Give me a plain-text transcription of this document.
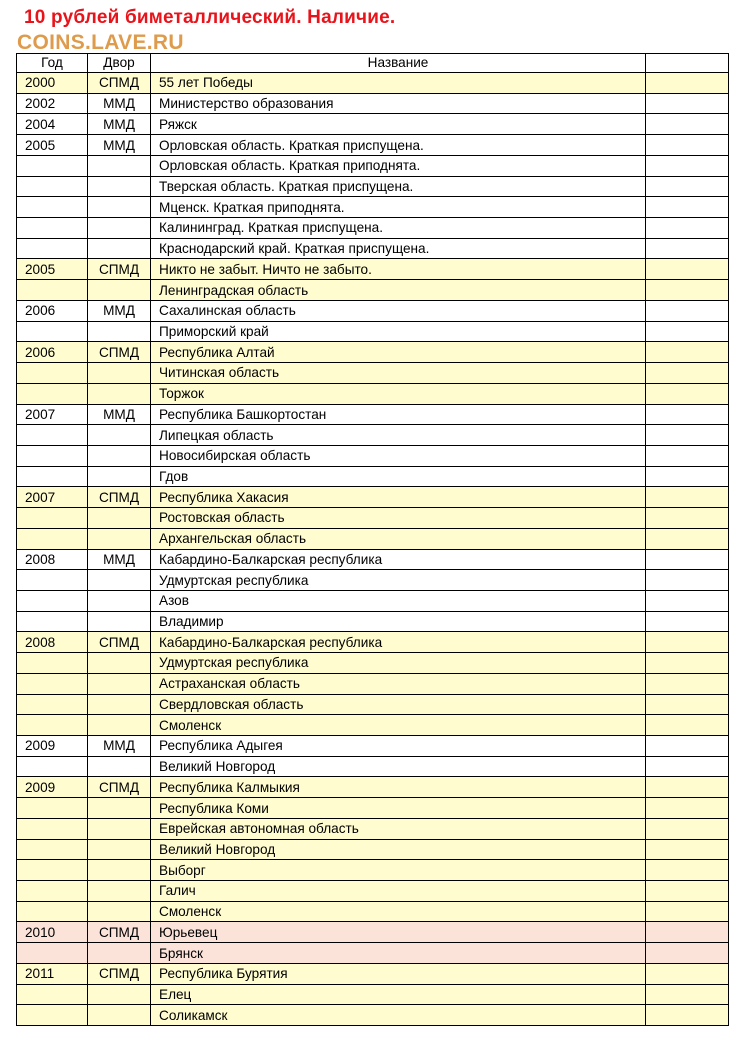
10 рублей биметаллический. Наличие.
COINS.LAVE.RU
Год	Двор	Название	
2000	СПМД	55 лет Победы	
2002	ММД	Министерство образования	
2004	ММД	Ряжск	
2005	ММД	Орловская область. Краткая приспущена.	
		Орловская область. Краткая приподнята.	
		Тверская область. Краткая приспущена.	
		Мценск. Краткая приподнята.	
		Калининград. Краткая приспущена.	
		Краснодарский край. Краткая приспущена.	
2005	СПМД	Никто не забыт. Ничто не забыто.	
		Ленинградская область	
2006	ММД	Сахалинская область	
		Приморский край	
2006	СПМД	Республика Алтай	
		Читинская область	
		Торжок	
2007	ММД	Республика Башкортостан	
		Липецкая область	
		Новосибирская область	
		Гдов	
2007	СПМД	Республика Хакасия	
		Ростовская область	
		Архангельская область	
2008	ММД	Кабардино-Балкарская республика	
		Удмуртская республика	
		Азов	
		Владимир	
2008	СПМД	Кабардино-Балкарская республика	
		Удмуртская республика	
		Астраханская область	
		Свердловская область	
		Смоленск	
2009	ММД	Республика Адыгея	
		Великий Новгород	
2009	СПМД	Республика Калмыкия	
		Республика Коми	
		Еврейская автономная область	
		Великий Новгород	
		Выборг	
		Галич	
		Смоленск	
2010	СПМД	Юрьевец	
		Брянск	
2011	СПМД	Республика Бурятия	
		Елец	
		Соликамск	
